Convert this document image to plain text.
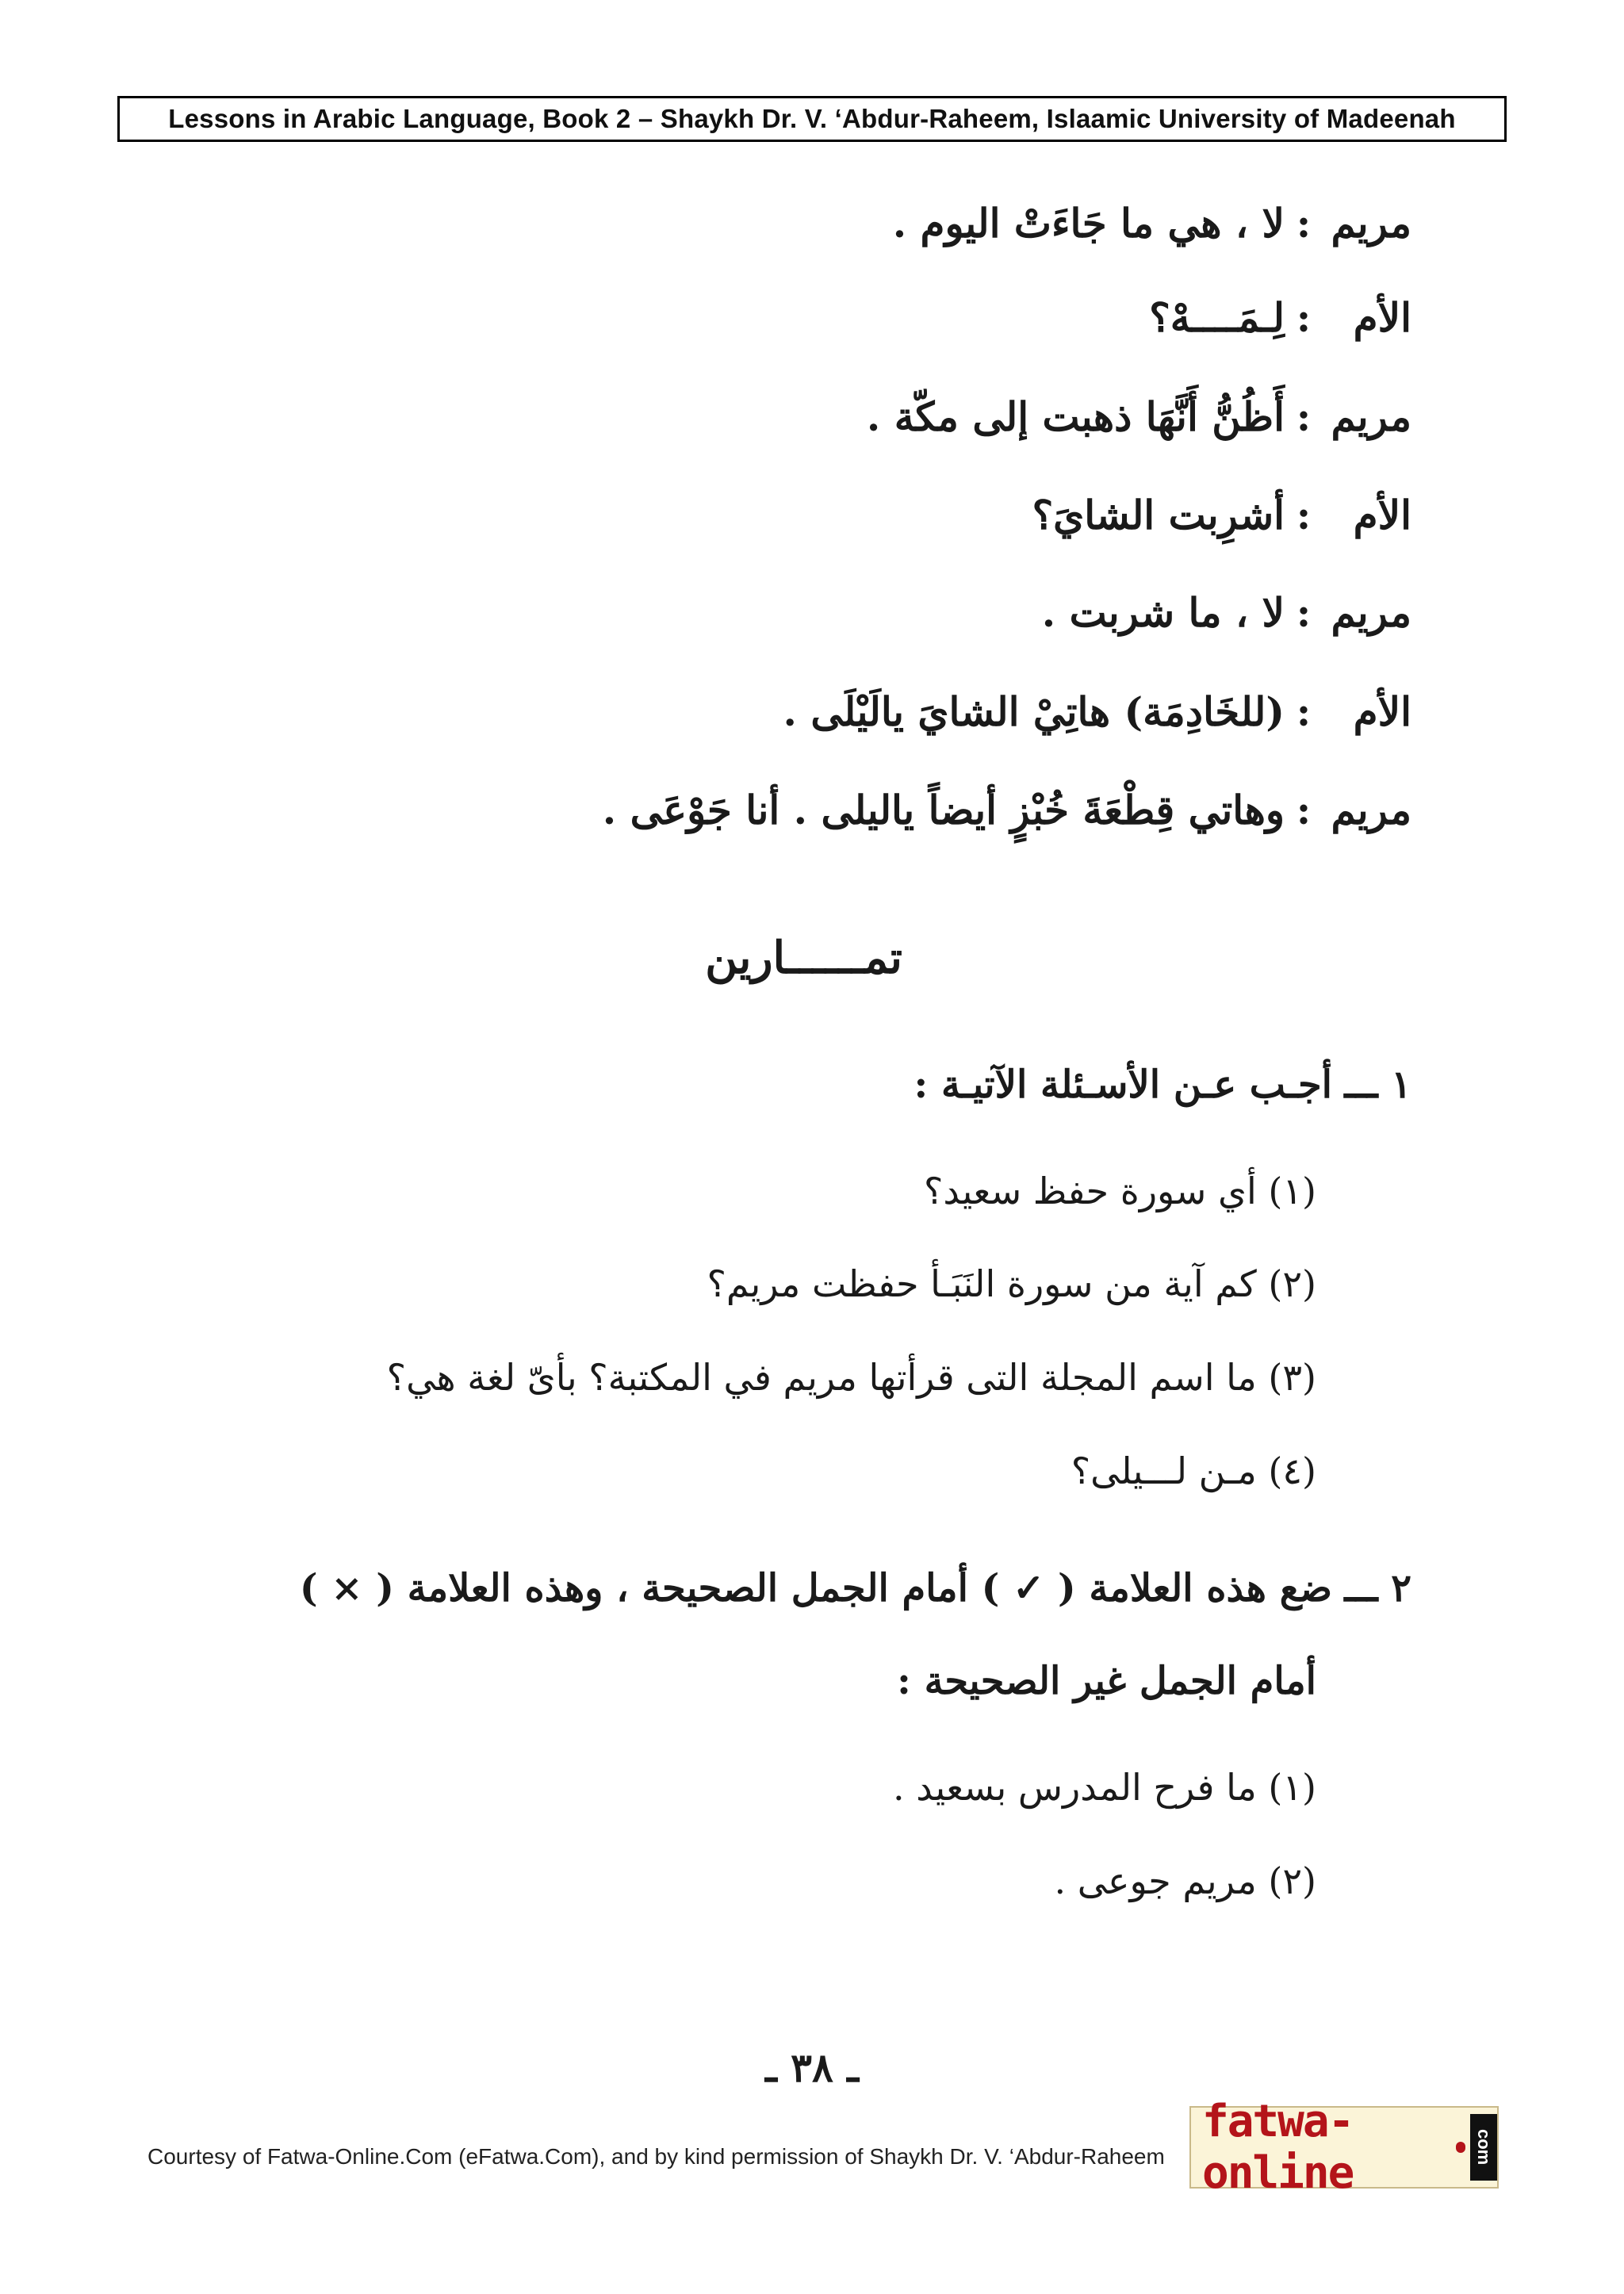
Lessons in Arabic Language, Book 2 – Shaykh Dr. V. ‘Abdur-Raheem, Islaamic University of Madeenah
مريم
:
لا ، هي ما جَاءَتْ اليوم .
الأم
:
لِـمَــــهْ؟
مريم
:
أَظُنُّ أَنَّهَا ذهبت إلى مكّة .
الأم
:
أشرِبت الشايَ؟
مريم
:
لا ، ما شربت .
الأم
:
(للخَادِمَة) هاتِيْ الشايَ يالَيْلَى .
مريم
:
وهاتي قِطْعَةَ خُبْزٍ أيضاً ياليلى . أنا جَوْعَى .
تمــــــارين
١ ـــأجـب عـن الأسـئلة الآتيـة :
(١) أي سورة حفظ سعيد؟
(٢) كم آية من سورة النَبَـأ حفظت مريم؟
(٣) ما اسم المجلة التى قرأتها مريم في المكتبة؟ بأىّ لغة هي؟
(٤) مـن لـــيلى؟
٢ ـــضع هذه العلامة ( ✓ ) أمام الجمل الصحيحة ، وهذه العلامة ( × )
أمام الجمل غير الصحيحة :
(١) ما فرح المدرس بسعيد .
(٢) مريم جوعى .
ـ ٣٨ ـ
Courtesy of Fatwa-Online.Com (eFatwa.Com), and by kind permission of Shaykh Dr. V. ‘Abdur-Raheem
fatwa-online	com
